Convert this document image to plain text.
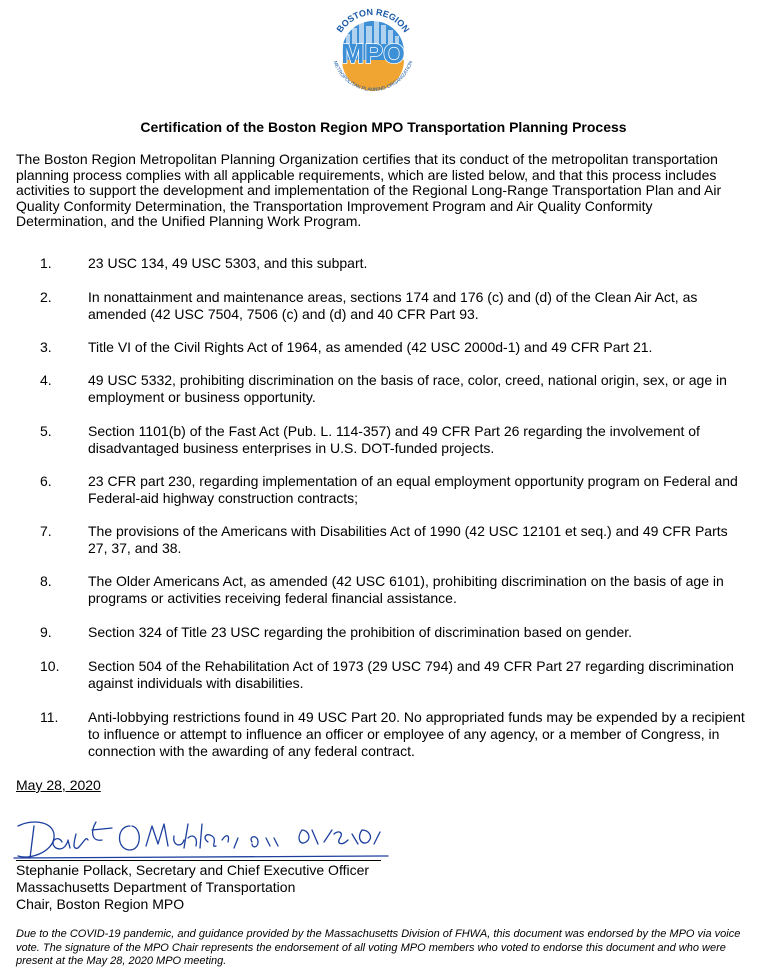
MPO
BOSTON REGION
METROPOLITAN PLANNING ORGANIZATION
Certification of the Boston Region MPO Transportation Planning Process
The Boston Region Metropolitan Planning Organization certifies that its conduct of the metropolitan transportation planning process complies with all applicable requirements, which are listed below, and that this process includes activities to support the development and implementation of the Regional Long-Range Transportation Plan and Air Quality Conformity Determination, the Transportation Improvement Program and Air Quality Conformity Determination, and the Unified Planning Work Program.
1.	23 USC 134, 49 USC 5303, and this subpart.
2.	In nonattainment and maintenance areas, sections 174 and 176 (c) and (d) of the Clean Air Act, as amended (42 USC 7504, 7506 (c) and (d) and 40 CFR Part 93.
3.	Title VI of the Civil Rights Act of 1964, as amended (42 USC 2000d-1) and 49 CFR Part 21.
4.	49 USC 5332, prohibiting discrimination on the basis of race, color, creed, national origin, sex, or age in employment or business opportunity.
5.	Section 1101(b) of the Fast Act (Pub. L. 114-357) and 49 CFR Part 26 regarding the involvement of disadvantaged business enterprises in U.S. DOT-funded projects.
6.	23 CFR part 230, regarding implementation of an equal employment opportunity program on Federal and Federal-aid highway construction contracts;
7.	The provisions of the Americans with Disabilities Act of 1990 (42 USC 12101 et seq.) and 49 CFR Parts 27, 37, and 38.
8.	The Older Americans Act, as amended (42 USC 6101), prohibiting discrimination on the basis of age in programs or activities receiving federal financial assistance.
9.	Section 324 of Title 23 USC regarding the prohibition of discrimination based on gender.
10. Section 504 of the Rehabilitation Act of 1973 (29 USC 794) and 49 CFR Part 27 regarding discrimination against individuals with disabilities.
11. Anti-lobbying restrictions found in 49 USC Part 20. No appropriated funds may be expended by a recipient to influence or attempt to influence an officer or employee of any agency, or a member of Congress, in connection with the awarding of any federal contract.
May 28, 2020
Stephanie Pollack, Secretary and Chief Executive Officer
Massachusetts Department of Transportation
Chair, Boston Region MPO
Due to the COVID-19 pandemic, and guidance provided by the Massachusetts Division of FHWA, this document was endorsed by the MPO via voice vote. The signature of the MPO Chair represents the endorsement of all voting MPO members who voted to endorse this document and who were present at the May 28, 2020 MPO meeting.
